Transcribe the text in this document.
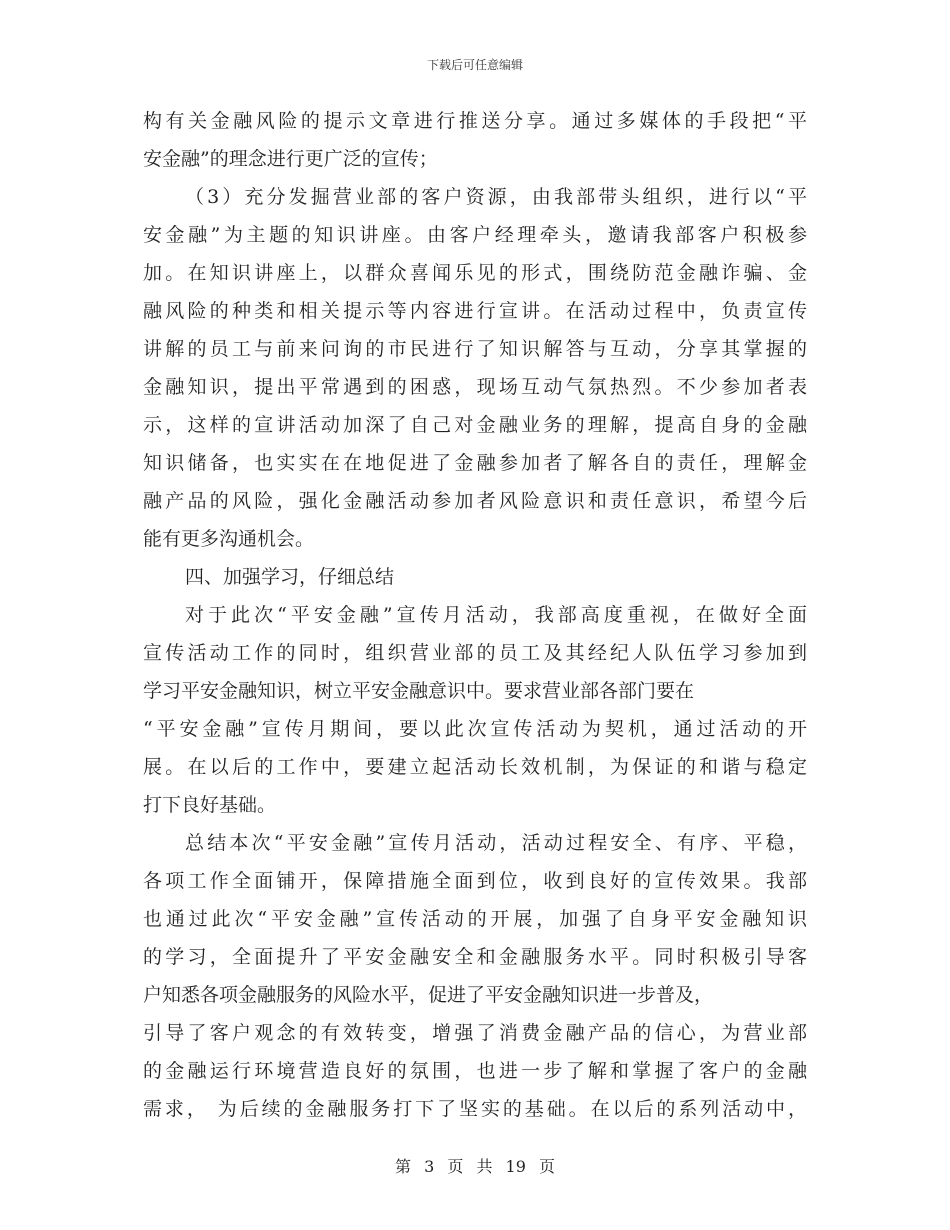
下载后可任意编辑
构有关金融风险的提示文章进行推送分享。通过多媒体的手段把“平
安金融”的理念进行更广泛的宣传；
（3）充分发掘营业部的客户资源，由我部带头组织，进行以“平
安金融”为主题的知识讲座。由客户经理牵头，邀请我部客户积极参
加。在知识讲座上，以群众喜闻乐见的形式，围绕防范金融诈骗、金
融风险的种类和相关提示等内容进行宣讲。在活动过程中，负责宣传
讲解的员工与前来问询的市民进行了知识解答与互动，分享其掌握的
金融知识，提出平常遇到的困惑，现场互动气氛热烈。不少参加者表
示，这样的宣讲活动加深了自己对金融业务的理解，提高自身的金融
知识储备，也实实在在地促进了金融参加者了解各自的责任，理解金
融产品的风险，强化金融活动参加者风险意识和责任意识，希望今后
能有更多沟通机会。
四、加强学习，仔细总结
对于此次“平安金融”宣传月活动，我部高度重视，在做好全面
宣传活动工作的同时，组织营业部的员工及其经纪人队伍学习参加到
学习平安金融知识，树立平安金融意识中。要求营业部各部门要在
“平安金融”宣传月期间，要以此次宣传活动为契机，通过活动的开
展。在以后的工作中，要建立起活动长效机制，为保证的和谐与稳定
打下良好基础。
总结本次“平安金融”宣传月活动，活动过程安全、有序、平稳，
各项工作全面铺开，保障措施全面到位，收到良好的宣传效果。我部
也通过此次“平安金融”宣传活动的开展，加强了自身平安金融知识
的学习，全面提升了平安金融安全和金融服务水平。同时积极引导客
户知悉各项金融服务的风险水平，促进了平安金融知识进一步普及，
引导了客户观念的有效转变，增强了消费金融产品的信心，为营业部
的金融运行环境营造良好的氛围，也进一步了解和掌握了客户的金融
需求， 为后续的金融服务打下了坚实的基础。在以后的系列活动中，
第 3 页 共 19 页
